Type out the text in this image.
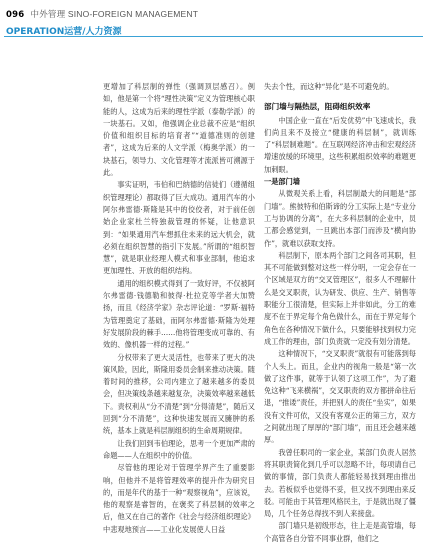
096 中外管理 SINO-FOREIGN MANAGEMENT
OPERATION运营/人力资源

更增加了科层制的弹性（强调顶层感召）。例如，他是第一个将“理性决策”定义为管理核心职能的人，这成为后来的理性学派（泰勒学派）的一块基石。又如，他强调企业总裁不应是“组织价值和组织目标的培育者”“道德准则的创建者”，这成为后来的人文学派（梅奥学派）的一块基石，领导力、文化管理等才流派皆可溯源于此。

事实证明，韦伯和巴纳德的信徒们（遵循组织管理理论）都取得了巨大成功。通用汽车的小阿尔弗雷德·斯隆是其中的佼佼者，对于前任创始企业家杜兰特独裁管理的怀疑，让他意识到：“如果通用汽车想抓住未来的远大机会，就必须在组织智慧的指引下发展。”所谓的“组织智慧”，就是职业经理人模式和事业部制，他追求更加理性、开放的组织结构。

通用的组织模式得到了一致好评，不仅被阿尔弗雷德·钱德勒和彼得·杜拉克等学者大加赞扬，而且《经济学家》杂志评论道：“罗斯·福特为管理奠定了基础，而阿尔弗雷德·斯隆为处理好发展阶段的棘手……他将管理变成可靠的、有效的、像机器一样的过程。”

分权带来了更大灵活性，也带来了更大的决策风险，因此，斯隆用委员会制来推动决策。随着时间的推移，公司内建立了越来越多的委员会，但决策线条越来越复杂，决策效率越来越低下。责权利从“分不清楚”到“分得清楚”，随后又回到“分不清楚”，这种快速发展而又臃肿的系统，基本上就是科层制组织的生命周期规律。

让我们回到韦伯理论，思考一个更加严肃的命题——人在组织中的价值。

尽管他的理论对于管理学界产生了重要影响，但他并不是将管理效率的提升作为研究目的，而是年代的基于一种“观察视角”，应该说，他的观察是睿智的，在褒奖了科层制的效率之后，他又在自己的著作《社会与经济组织理论》中悲观地预言——工业化发展使人日益

失去个性，而这种“异化”是不可避免的。

部门墙与隔热层，阻碍组织效率

中国企业一直在“后发优势”中飞速成长，我们尚且来不及接立“健康的科层制”，就训练了“科层制难题”。在互联网经济冲击和宏观经济增速放缓的环境里，这些积累组织效率的难题更加刺眼。

一是部门墙

从微观关系上看，科层制最大的问题是“部门墙”。熊彼特和伯斯谛的分工实际上是“专业分工与协调的分离”，在大多科层制的企业中，员工都会感觉到，一旦跳出本部门而涉及“横向协作”，就难以获取支持。

科层制下，原本两个部门之间各司其职，但其不可能做到整对这些一样分明，一定会存在一个区域是双方的“交叉管理区”，很多人不理解什么是交叉职责，认为研发、供应、生产、销售等职能分工很清楚，但实际上并非如此，分工的难度不在于界定每个角色做什么，而在于界定每个角色在各种情况下做什么，只要能够找到权力完成工作的理由，部门负责就一定没有划分清楚。

这种情况下，“交叉职责”就很有可能落到每个人头上。而且，企业内的视角一般是“第一次做了这件事，就等于认领了这项工作”，为了避免这种“飞来横祸”，交叉职责的双方都拼命往后退，“推诿”责任，并把别人的责任“坐实”，如果没有文件可依，又没有客观公正的第三方，双方之间就出现了厚厚的“部门墙”，而且还会越来越厚。

我曾任职司的一家企业，某部门负责人居然将其职责简化到几乎可以忽略不计，每项请自己做的事情，部门负责人都能轻易找到理由推出去。若板似乎也觉得不妥，但又找不到理由来反驳。可能由于其管理风格民主，于是就出现了僵局，几个任务总得找不到人来接盘。

部门墙只是初级形态，往上走是高管墙，每个高管各自分管不同事业群，他们之
